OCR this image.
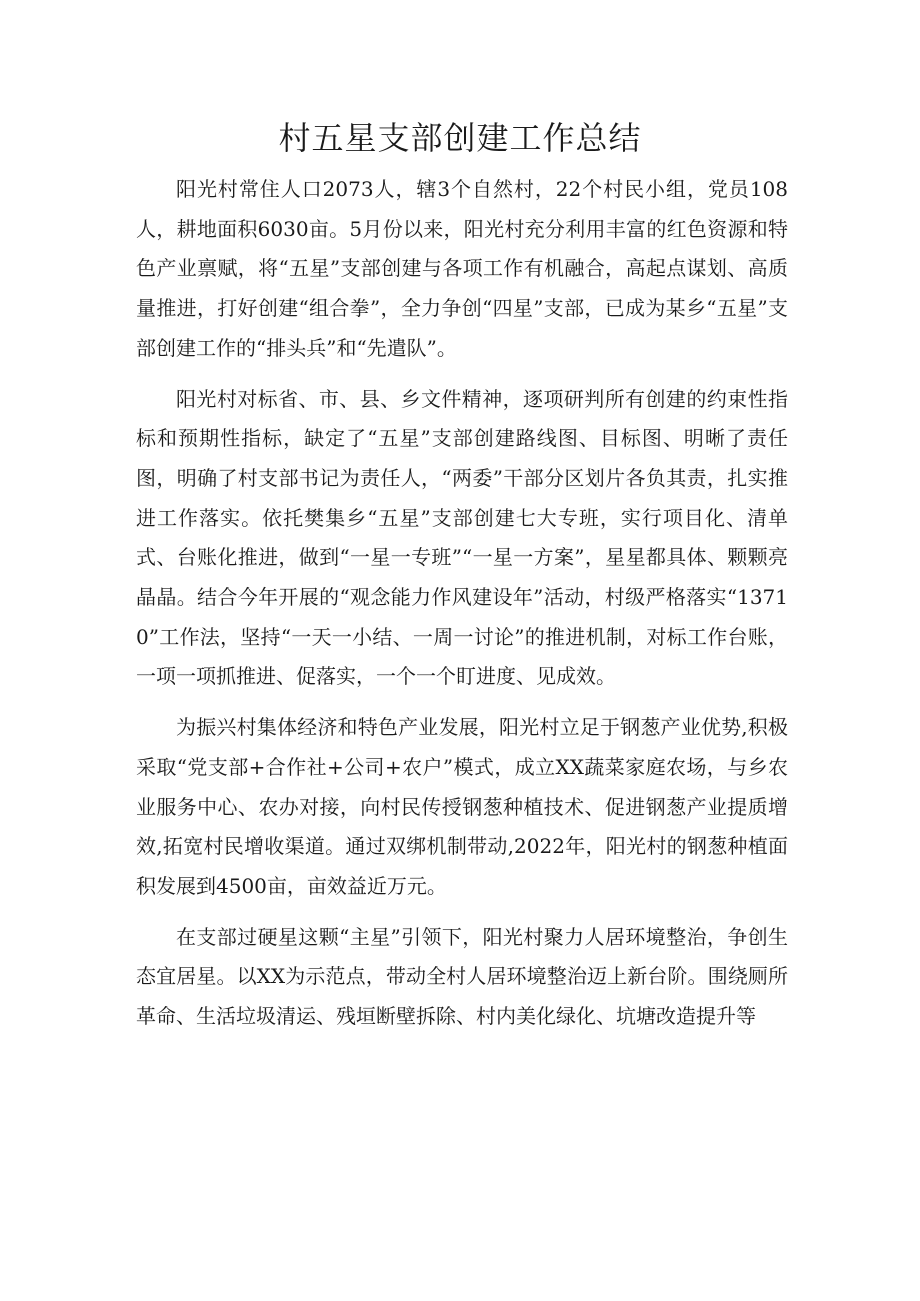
村五星支部创建工作总结

阳光村常住人口2073人，辖3个自然村，22个村民小组，党员108人，耕地面积6030亩。5月份以来，阳光村充分利用丰富的红色资源和特色产业禀赋，将“五星”支部创建与各项工作有机融合，高起点谋划、高质量推进，打好创建“组合拳”，全力争创“四星”支部，已成为某乡“五星”支部创建工作的“排头兵”和“先遣队”。

阳光村对标省、市、县、乡文件精神，逐项研判所有创建的约束性指标和预期性指标，缺定了“五星”支部创建路线图、目标图、明晰了责任图，明确了村支部书记为责任人，“两委”干部分区划片各负其责，扎实推进工作落实。依托樊集乡“五星”支部创建七大专班，实行项目化、清单式、台账化推进，做到“一星一专班”“一星一方案”，星星都具体、颗颗亮晶晶。结合今年开展的“观念能力作风建设年”活动，村级严格落实“13710”工作法，坚持“一天一小结、一周一讨论”的推进机制，对标工作台账，一项一项抓推进、促落实，一个一个盯进度、见成效。

为振兴村集体经济和特色产业发展，阳光村立足于钢葱产业优势,积极采取“党支部+合作社+公司+农户”模式，成立XX蔬菜家庭农场，与乡农业服务中心、农办对接，向村民传授钢葱种植技术、促进钢葱产业提质增效,拓宽村民增收渠道。通过双绑机制带动,2022年，阳光村的钢葱种植面积发展到4500亩，亩效益近万元。

在支部过硬星这颗“主星”引领下，阳光村聚力人居环境整治，争创生态宜居星。以XX为示范点，带动全村人居环境整治迈上新台阶。围绕厕所革命、生活垃圾清运、残垣断壁拆除、村内美化绿化、坑塘改造提升等
